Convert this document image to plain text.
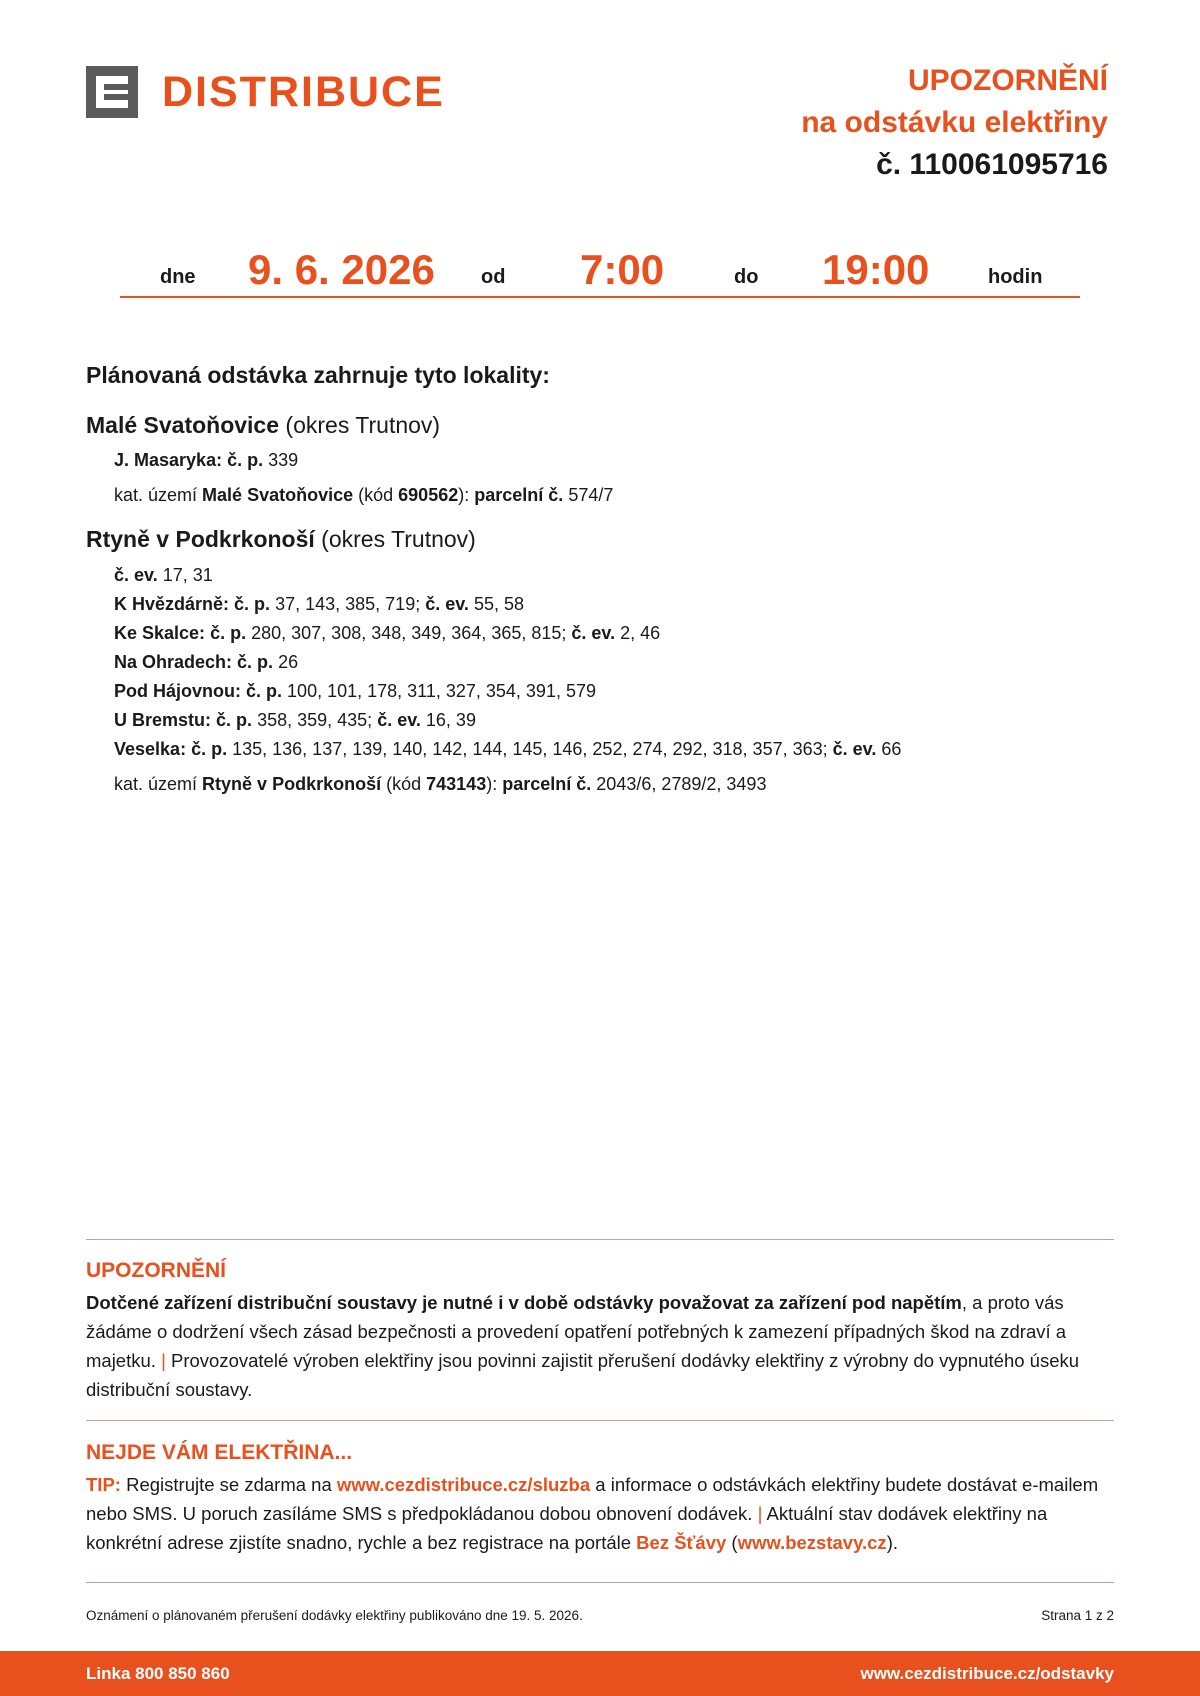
DISTRIBUCE	UPOZORNĚNÍ
na odstávku elektřiny
č. 110061095716
dne 9. 6. 2026 od 7:00	do 19:00	hodin
Plánovaná odstávka zahrnuje tyto lokality:
Malé Svatoňovice (okres Trutnov)
J. Masaryka: č. p. 339
kat. území Malé Svatoňovice (kód 690562): parcelní č. 574/7
Rtyně v Podkrkonoší (okres Trutnov)
č. ev. 17, 31
K Hvězdárně: č. p. 37, 143, 385, 719; č. ev. 55, 58
Ke Skalce: č. p. 280, 307, 308, 348, 349, 364, 365, 815; č. ev. 2, 46
Na Ohradech: č. p. 26
Pod Hájovnou: č. p. 100, 101, 178, 311, 327, 354, 391, 579
U Bremstu: č. p. 358, 359, 435; č. ev. 16, 39
Veselka: č. p. 135, 136, 137, 139, 140, 142, 144, 145, 146, 252, 274, 292, 318, 357, 363; č. ev. 66
kat. území Rtyně v Podkrkonoší (kód 743143): parcelní č. 2043/6, 2789/2, 3493
UPOZORNĚNÍ
Dotčené zařízení distribuční soustavy je nutné i v době odstávky považovat za zařízení pod napětím, a proto vás žádáme o dodržení všech zásad bezpečnosti a provedení opatření potřebných k zamezení případných škod na zdraví a majetku. | Provozovatelé výroben elektřiny jsou povinni zajistit přerušení dodávky elektřiny z výrobny do vypnutého úseku distribuční soustavy.
NEJDE VÁM ELEKTŘINA...
TIP: Registrujte se zdarma na www.cezdistribuce.cz/sluzba a informace o odstávkách elektřiny budete dostávat e-mailem nebo SMS. U poruch zasíláme SMS s předpokládanou dobou obnovení dodávek. | Aktuální stav dodávek elektřiny na konkrétní adrese zjistíte snadno, rychle a bez registrace na portále Bez Šťávy (www.bezstavy.cz).
Oznámení o plánovaném přerušení dodávky elektřiny publikováno dne 19. 5. 2026.	Strana 1 z 2
Linka 800 850 860	www.cezdistribuce.cz/odstavky
